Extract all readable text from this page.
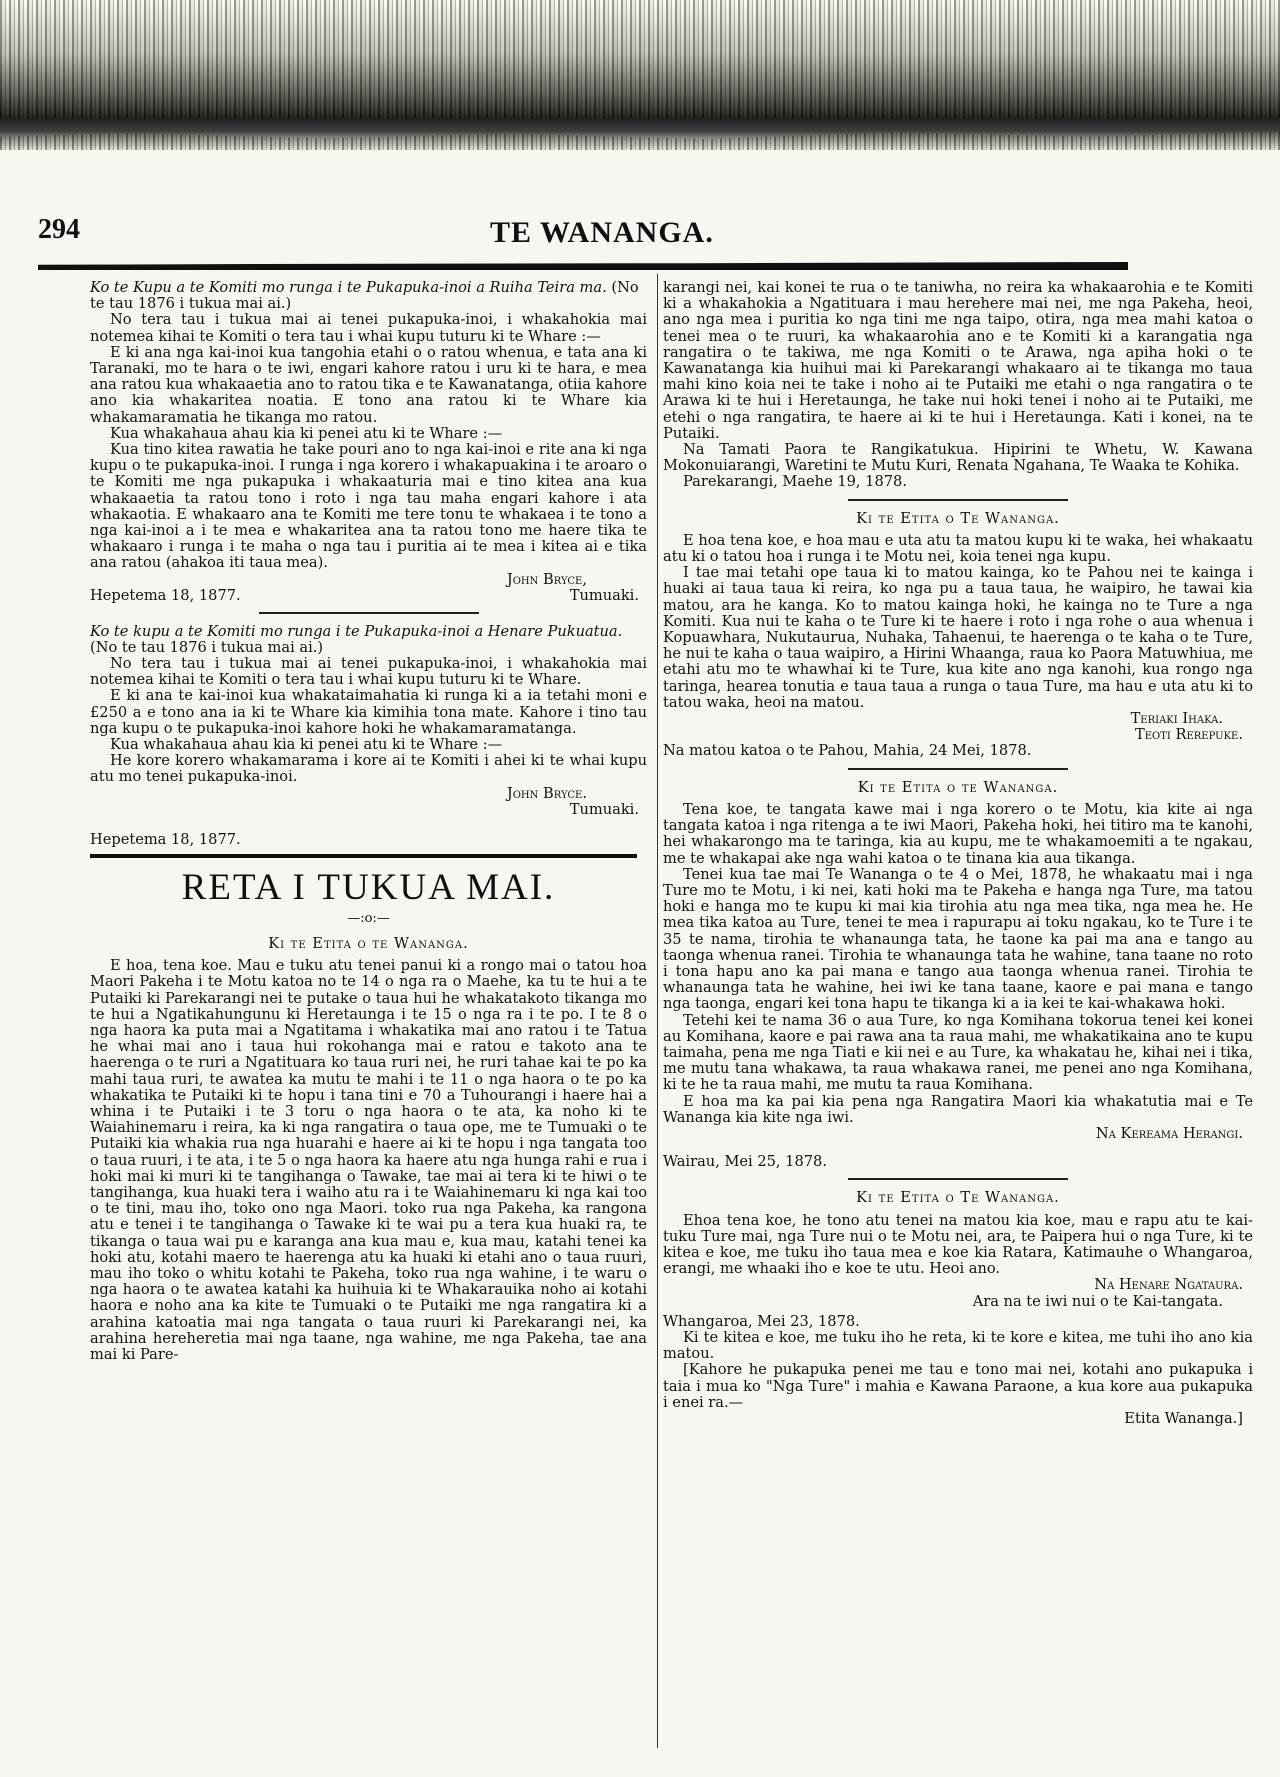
294	TE WANANGA.

Ko te Kupu a te Komiti mo runga i te Pukapuka-inoi a Ruiha Teira ma. (No te tau 1876 i tukua mai ai.)

No tera tau i tukua mai ai tenei pukapuka-inoi, i whakahokia mai notemea kihai te Komiti o tera tau i whai kupu tuturu ki te Whare :—

E ki ana nga kai-inoi kua tangohia etahi o o ratou whenua, e tata ana ki Taranaki, mo te hara o te iwi, engari kahore ratou i uru ki te hara, e mea ana ratou kua whakaaetia ano to ratou tika e te Kawanatanga, otiia kahore ano kia whakaritea noatia. E tono ana ratou ki te Whare kia whakamaramatia he tikanga mo ratou.

Kua whakahaua ahau kia ki penei atu ki te Whare :—

Kua tino kitea rawatia he take pouri ano to nga kai-inoi e rite ana ki nga kupu o te pukapuka-inoi. I runga i nga korero i whakapuakina i te aroaro o te Komiti me nga pukapuka i whakaaturia mai e tino kitea ana kua whakaaetia ta ratou tono i roto i nga tau maha engari kahore i ata whakaotia. E whakaaro ana te Komiti me tere tonu te whakaea i te tono a nga kai-inoi a i te mea e whakaritea ana ta ratou tono me haere tika te whakaaro i runga i te maha o nga tau i puritia ai te mea i kitea ai e tika ana ratou (ahakoa iti taua mea).

John Bryce,
Hepetema 18, 1877.	Tumuaki.

Ko te kupu a te Komiti mo runga i te Pukapuka-inoi a Henare Pukuatua. (No te tau 1876 i tukua mai ai.)

No tera tau i tukua mai ai tenei pukapuka-inoi, i whakahokia mai notemea kihai te Komiti o tera tau i whai kupu tuturu ki te Whare.

E ki ana te kai-inoi kua whakataimahatia ki runga ki a ia tetahi moni e £250 a e tono ana ia ki te Whare kia kimihia tona mate. Kahore i tino tau nga kupu o te pukapuka-inoi kahore hoki he whakamaramatanga.

Kua whakahaua ahau kia ki penei atu ki te Whare :—

He kore korero whakamarama i kore ai te Komiti i ahei ki te whai kupu atu mo tenei pukapuka-inoi.

John Bryce.
Tumuaki.
Hepetema 18, 1877.
RETA I TUKUA MAI.
—:o:—
Ki te Etita o te Wananga.

E hoa, tena koe. Mau e tuku atu tenei panui ki a rongo mai o tatou hoa Maori Pakeha i te Motu katoa no te 14 o nga ra o Maehe, ka tu te hui a te Putaiki ki Parekarangi nei te putake o taua hui he whakatakoto tikanga mo te hui a Ngatikahungunu ki Heretaunga i te 15 o nga ra i te po. I te 8 o nga haora ka puta mai a Ngatitama i whakatika mai ano ratou i te Tatua he whai mai ano i taua hui rokohanga mai e ratou e takoto ana te haerenga o te ruri a Ngatituara ko taua ruri nei, he ruri tahae kai te po ka mahi taua ruri, te awatea ka mutu te mahi i te 11 o nga haora o te po ka whakatika te Putaiki ki te hopu i tana tini e 70 a Tuhourangi i haere hai a whina i te Putaiki i te 3 toru o nga haora o te ata, ka noho ki te Waiahinemaru i reira, ka ki nga rangatira o taua ope, me te Tumuaki o te Putaiki kia whakia rua nga huarahi e haere ai ki te hopu i nga tangata too o taua ruuri, i te ata, i te 5 o nga haora ka haere atu nga hunga rahi e rua i hoki mai ki muri ki te tangihanga o Tawake, tae mai ai tera ki te hiwi o te tangihanga, kua huaki tera i waiho atu ra i te Waiahinemaru ki nga kai too o te tini, mau iho, toko ono nga Maori. toko rua nga Pakeha, ka rangona atu e tenei i te tangihanga o Tawake ki te wai pu a tera kua huaki ra, te tikanga o taua wai pu e karanga ana kua mau e, kua mau, katahi tenei ka hoki atu, kotahi maero te haerenga atu ka huaki ki etahi ano o taua ruuri, mau iho toko o whitu kotahi te Pakeha, toko rua nga wahine, i te waru o nga haora o te awatea katahi ka huihuia ki te Whakarauika noho ai kotahi haora e noho ana ka kite te Tumuaki o te Putaiki me nga rangatira ki a arahina katoatia mai nga tangata o taua ruuri ki Parekarangi nei, ka arahina hereheretia mai nga taane, nga wahine, me nga Pakeha, tae ana mai ki Pare-

karangi nei, kai konei te rua o te taniwha, no reira ka whakaarohia e te Komiti ki a whakahokia a Ngatituara i mau herehere mai nei, me nga Pakeha, heoi, ano nga mea i puritia ko nga tini me nga taipo, otira, nga mea mahi katoa o tenei mea o te ruuri, ka whakaarohia ano e te Komiti ki a karangatia nga rangatira o te takiwa, me nga Komiti o te Arawa, nga apiha hoki o te Kawanatanga kia huihui mai ki Parekarangi whakaaro ai te tikanga mo taua mahi kino koia nei te take i noho ai te Putaiki me etahi o nga rangatira o te Arawa ki te hui i Heretaunga, he take nui hoki tenei i noho ai te Putaiki, me etehi o nga rangatira, te haere ai ki te hui i Heretaunga. Kati i konei, na te Putaiki.

Na Tamati Paora te Rangikatukua. Hipirini te Whetu, W. Kawana Mokonuiarangi, Waretini te Mutu Kuri, Renata Ngahana, Te Waaka te Kohika.

Parekarangi, Maehe 19, 1878.
Ki te Etita o Te Wananga.

E hoa tena koe, e hoa mau e uta atu ta matou kupu ki te waka, hei whakaatu atu ki o tatou hoa i runga i te Motu nei, koia tenei nga kupu.

I tae mai tetahi ope taua ki to matou kainga, ko te Pahou nei te kainga i huaki ai taua taua ki reira, ko nga pu a taua taua, he waipiro, he tawai kia matou, ara he kanga. Ko to matou kainga hoki, he kainga no te Ture a nga Komiti. Kua nui te kaha o te Ture ki te haere i roto i nga rohe o aua whenua i Kopuawhara, Nukutaurua, Nuhaka, Tahaenui, te haerenga o te kaha o te Ture, he nui te kaha o taua waipiro, a Hirini Whaanga, raua ko Paora Matuwhiua, me etahi atu mo te whawhai ki te Ture, kua kite ano nga kanohi, kua rongo nga taringa, hearea tonutia e taua taua a runga o taua Ture, ma hau e uta atu ki to tatou waka, heoi na matou.

Teriaki Ihaka.
Teoti Rerepuke.
Na matou katoa o te Pahou, Mahia, 24 Mei, 1878.
Ki te Etita o te Wananga.

Tena koe, te tangata kawe mai i nga korero o te Motu, kia kite ai nga tangata katoa i nga ritenga a te iwi Maori, Pakeha hoki, hei titiro ma te kanohi, hei whakarongo ma te taringa, kia au kupu, me te whakamoemiti a te ngakau, me te whakapai ake nga wahi katoa o te tinana kia aua tikanga.

Tenei kua tae mai Te Wananga o te 4 o Mei, 1878, he whakaatu mai i nga Ture mo te Motu, i ki nei, kati hoki ma te Pakeha e hanga nga Ture, ma tatou hoki e hanga mo te kupu ki mai kia tirohia atu nga mea tika, nga mea he. He mea tika katoa au Ture, tenei te mea i rapurapu ai toku ngakau, ko te Ture i te 35 te nama, tirohia te whanaunga tata, he taone ka pai ma ana e tango au taonga whenua ranei. Tirohia te whanaunga tata he wahine, tana taane no roto i tona hapu ano ka pai mana e tango aua taonga whenua ranei. Tirohia te whanaunga tata he wahine, hei iwi ke tana taane, kaore e pai mana e tango nga taonga, engari kei tona hapu te tikanga ki a ia kei te kai-whakawa hoki.

Tetehi kei te nama 36 o aua Ture, ko nga Komihana tokorua tenei kei konei au Komihana, kaore e pai rawa ana ta raua mahi, me whakatikaina ano te kupu taimaha, pena me nga Tiati e kii nei e au Ture, ka whakatau he, kihai nei i tika, me mutu tana whakawa, ta raua whakawa ranei, me penei ano nga Komihana, ki te he ta raua mahi, me mutu ta raua Komihana.

E hoa ma ka pai kia pena nga Rangatira Maori kia whakatutia mai e Te Wananga kia kite nga iwi.

Na Kereama Herangi.
Wairau, Mei 25, 1878.
Ki te Etita o Te Wananga.

Ehoa tena koe, he tono atu tenei na matou kia koe, mau e rapu atu te kai-tuku Ture mai, nga Ture nui o te Motu nei, ara, te Paipera hui o nga Ture, ki te kitea e koe, me tuku iho taua mea e koe kia Ratara, Katimauhe o Whangaroa, erangi, me whaaki iho e koe te utu. Heoi ano.

Na Henare Ngataura.
Ara na te iwi nui o te Kai-tangata.
Whangaroa, Mei 23, 1878.

Ki te kitea e koe, me tuku iho he reta, ki te kore e kitea, me tuhi iho ano kia matou.

[Kahore he pukapuka penei me tau e tono mai nei, kotahi ano pukapuka i taia i mua ko "Nga Ture" i mahia e Kawana Paraone, a kua kore aua pukapuka i enei ra.—

Etita Wananga.]
